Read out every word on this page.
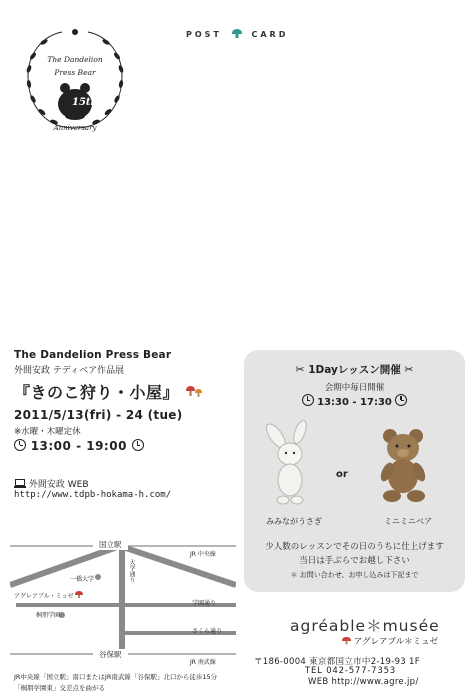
POST	CARD
The Dandelion
Press Bear
15th
Anniversary
The Dandelion Press Bear
外間安政 テディベア作品展
『きのこ狩り・小屋』
2011/5/13(fri) - 24 (tue)
※水曜・木曜定休
13:00 - 19:00
外間安政 WEB
http://www.tdpb-hokama-h.com/
国立駅
谷保駅
JR 中央線
JR 南武線
一橋大学	大学通り
アグレアブル・ミュゼ
桐朋学園
学園通り
さくら通り
JR中央線「国立駅」南口またはJR南武線「谷保駅」北口から徒歩15分
「桐朋学園東」交差点を曲がる
✂ 1Dayレッスン開催 ✂
会期中毎日開催
13:30 - 17:30
みみながうさぎ
or
ミニミニベア
少人数のレッスンでその日のうちに仕上げます
当日は手ぶらでお越し下さい
＊ お問い合わせ、お申し込みは下記まで
agréable＊musée
アグレアブル＊ミュゼ
〒186-0004 東京都国立市中2-19-93 1F
TEL 042-577-7353
WEB http://www.agre.jp/
